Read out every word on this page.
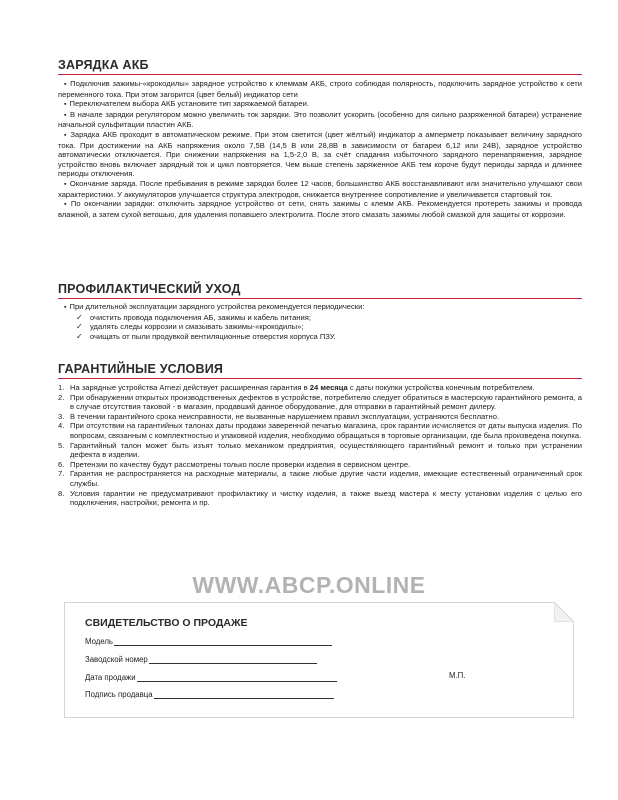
ЗАРЯДКА АКБ

▪ Подключив зажимы-«крокодилы» зарядное устройство к клеммам АКБ, строго соблюдая полярность, подключить зарядное устройство к сети переменного тока. При этом загорится (цвет белый) индикатор сети

▪ Переключателем выбора АКБ установите тип заряжаемой батареи.

▪ В начале зарядки регулятором можно увеличить ток зарядки. Это позволит ускорить (особенно для сильно разряженной батареи) устранение начальной сульфитации пластин АКБ.

▪ Зарядка АКБ проходит в автоматическом режиме. При этом светится (цвет жёлтый) индикатор а амперметр показывает величину зарядного тока. При достижении на АКБ напряжения около 7,5В (14,5 В или 28,8В в зависимости от батареи 6,12 или 24В), зарядное устройство автоматически отключается. При снижении напряжения на 1,5-2,0 В, за счёт спадания избыточного зарядного перенапряжения, зарядное устройство вновь включает зарядный ток и цикл повторяется. Чем выше степень заряженное АКБ тем короче будут периоды заряда и длиннее периоды отключения.

▪ Окончание заряда. После пребывания в режиме зарядки более 12 часов, большинство АКБ восстанавливают или значительно улучшают свои характеристики. У аккумуляторов улучшается структура электродов, снижается внутреннее сопротивление и увеличивается стартовый ток.

▪ По окончании зарядки: отключить зарядное устройство от сети, снять зажимы с клемм АКБ. Рекомендуется протереть зажимы и провода влажной, а затем сухой ветошью, для удаления попавшего электролита. После этого смазать зажимы любой смазкой для защиты от коррозии.

ПРОФИЛАКТИЧЕСКИЙ УХОД

▪ При длительной эксплуатации зарядного устройства рекомендуется периодически:

✓ очистить провода подключения АБ, зажимы и кабель питания;
✓ удалять следы коррозии и смазывать зажимы-«крокодилы»;
✓ очищать от пыли продувкой вентиляционные отверстия корпуса ПЗУ.
ГАРАНТИЙНЫЕ УСЛОВИЯ
1. На зарядные устройства Arnezi действует расширенная гарантия в 24 месяца с даты покупки устройства конечным потребителем.
2. При обнаружении открытых производственных дефектов в устройстве, потребителю следует обратиться в мастерскую гарантийного ремонта, а в случае отсутствия таковой - в магазин, продавший данное оборудование, для отправки в гарантийный ремонт дилеру.
3. В течении гарантийного срока неисправности, не вызванные нарушением правил эксплуатации, устраняются бесплатно.
4. При отсутствии на гарантийных талонах даты продажи заверенной печатью магазина, срок гарантии исчисляется от даты выпуска изделия. По вопросам, связанным с комплектностью и упаковкой изделия, необходимо обращаться в торговые организации, где была произведена покупка.
5. Гарантийный талон может быть изъят только механиком предприятия, осуществляющего гарантийный ремонт и только при устранении дефекта в изделии.
6. Претензии по качеству будут рассмотрены только после проверки изделия в сервисном центре.
7. Гарантия не распространяется на расходные материалы, а также любые другие части изделия, имеющие естественный ограниченный срок службы.
8. Условия гарантии не предусматривают профилактику и чистку изделия, а также выезд мастера к месту установки изделия с целью его подключения, настройки, ремонта и пр.
WWW.ABCP.ONLINE
СВИДЕТЕЛЬСТВО О ПРОДАЖЕ
Модель
Заводской номер
Дата продажи	М.П.
Подпись продавца
